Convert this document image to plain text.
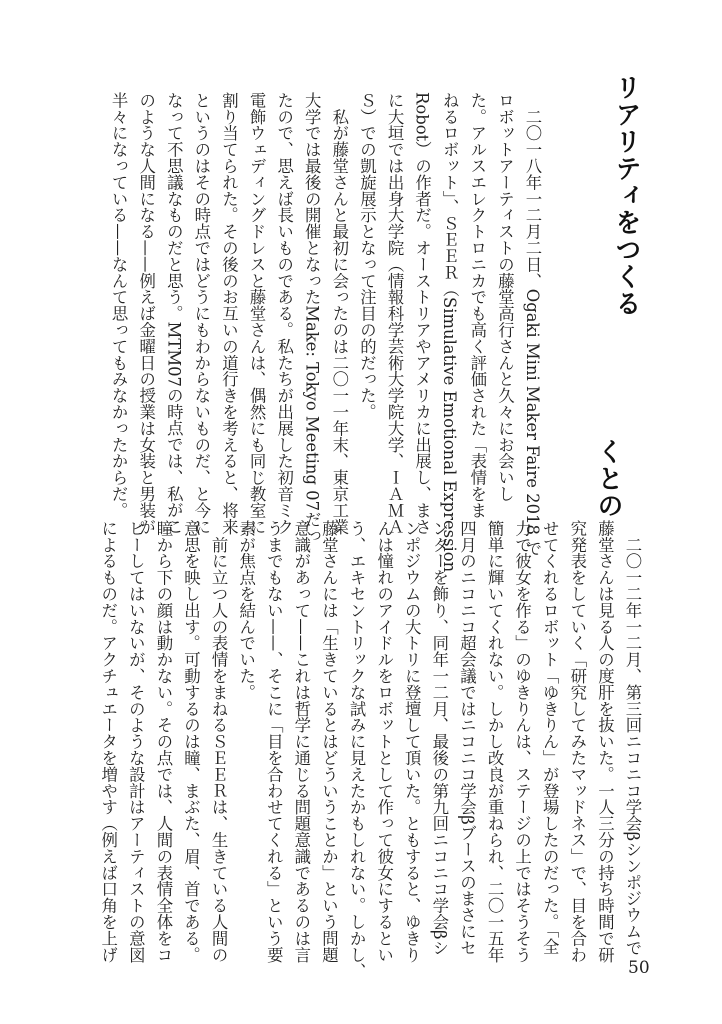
リアリティをつくる
くとの
　二〇一八年一二月二日、Ogaki Mini Maker Faire 2018 で
ロボットアーティストの藤堂高行さんと久々にお会いし
た。アルスエレクトロニカでも高く評価された「表情をま
ねるロボット」、ＳＥＥＲ（Simulative Emotional Expression
Robot）の作者だ。オーストリアやアメリカに出展し、まさ
に大垣では出身大学院（情報科学芸術大学院大学、ＩＡＭＡ
Ｓ）での凱旋展示となって注目の的だった。
　私が藤堂さんと最初に会ったのは二〇一一年末、東京工業
大学では最後の開催となったMake: Tokyo Meeting 07だっ
たので、思えば長いものである。私たちが出展した初音ミク
電飾ウェディングドレスと藤堂さんは、偶然にも同じ教室に
割り当てられた。その後のお互いの道行きを考えると、将来
というのはその時点ではどうにもわからないものだ、と今に
なって不思議なものだと思う。MTM07の時点では、私がこ
のような人間になる——例えば金曜日の授業は女装と男装が
半々になっている——なんて思ってもみなかったからだ。
　二〇一二年一二月、第三回ニコニコ学会βシンポジウムで
藤堂さんは見る人の度肝を抜いた。一人三分の持ち時間で研
究発表をしていく「研究してみたマッドネス」で、目を合わ
せてくれるロボット「ゆきりん」が登場したのだった。「全
力で彼女を作る」のゆきりんは、ステージの上ではそうそう
簡単に輝いてくれない。しかし改良が重ねられ、二〇一五年
四月のニコニコ超会議ではニコニコ学会βブースのまさにセ
ンターを飾り、同年一二月、最後の第九回ニコニコ学会βシ
ンポジウムの大トリに登壇して頂いた。ともすると、ゆきり
んは憧れのアイドルをロボットとして作って彼女にするとい
う、エキセントリックな試みに見えたかもしれない。しかし、
藤堂さんには「生きているとはどういうことか」という問題
意識があって——これは哲学に通じる問題意識であるのは言
うまでもない——、そこに「目を合わせてくれる」という要
素が焦点を結んでいた。
　前に立つ人の表情をまねるＳＥＥＲは、生きている人間の
意思を映し出す。可動するのは瞳、まぶた、眉、首である。
瞳から下の顔は動かない。その点では、人間の表情全体をコ
ピーしてはいないが、そのような設計はアーティストの意図
によるものだ。アクチュエータを増やす（例えば口角を上げ
50
